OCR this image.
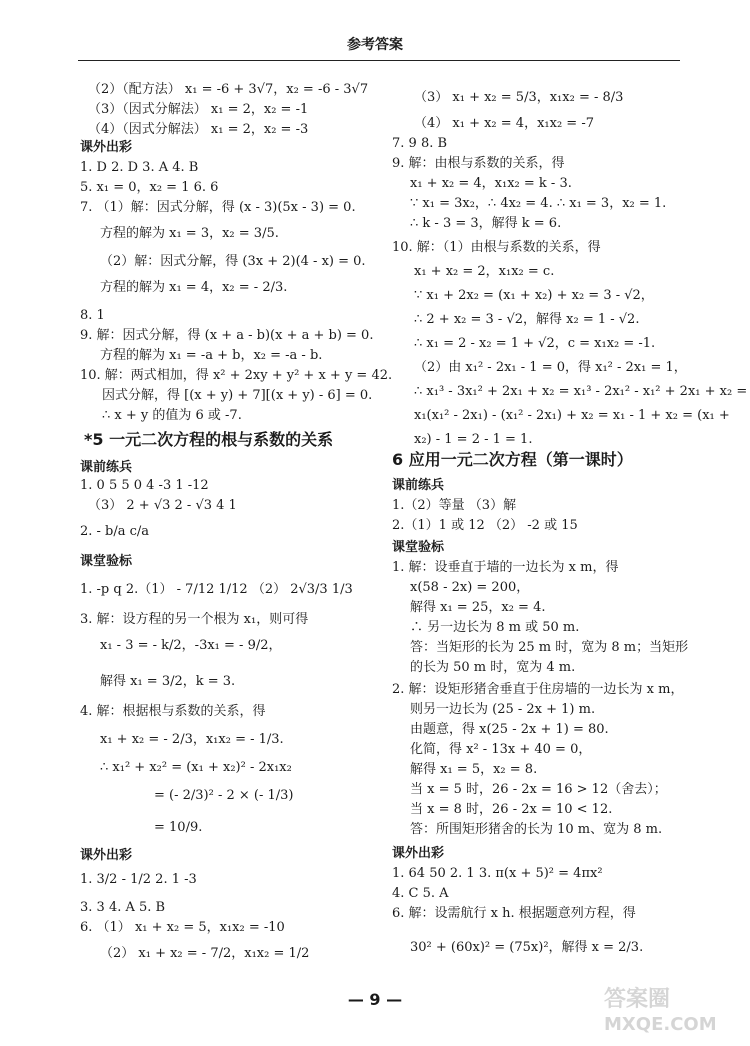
参考答案
（2）（配方法） x₁ = -6 + 3√7，x₂ = -6 - 3√7
（3）（因式分解法） x₁ = 2，x₂ = -1
（4）（因式分解法） x₁ = 2，x₂ = -3
课外出彩
1. D 2. D 3. A 4. B
5. x₁ = 0，x₂ = 1 6. 6
7. （1）解：因式分解，得 (x - 3)(5x - 3) = 0.
方程的解为 x₁ = 3，x₂ = 3/5.
（2）解：因式分解，得 (3x + 2)(4 - x) = 0.
方程的解为 x₁ = 4，x₂ = - 2/3.
8. 1
9. 解：因式分解，得 (x + a - b)(x + a + b) = 0.
方程的解为 x₁ = -a + b，x₂ = -a - b.
10. 解：两式相加，得 x² + 2xy + y² + x + y = 42.
因式分解，得 [(x + y) + 7][(x + y) - 6] = 0.
∴ x + y 的值为 6 或 -7.
*5 一元二次方程的根与系数的关系
课前练兵
1. 0 5 5 0 4 -3 1 -12
（3） 2 + √3 2 - √3 4 1
2. - b/a c/a
课堂验标
1. -p q 2.（1） - 7/12 1/12 （2） 2√3/3 1/3
3. 解：设方程的另一个根为 x₁，则可得
x₁ - 3 = - k/2，-3x₁ = - 9/2，
解得 x₁ = 3/2，k = 3.
4. 解：根据根与系数的关系，得
x₁ + x₂ = - 2/3，x₁x₂ = - 1/3.
∴ x₁² + x₂² = (x₁ + x₂)² - 2x₁x₂
= (- 2/3)² - 2 × (- 1/3)
= 10/9.
课外出彩
1. 3/2 - 1/2 2. 1 -3
3. 3 4. A 5. B
6. （1） x₁ + x₂ = 5，x₁x₂ = -10
（2） x₁ + x₂ = - 7/2，x₁x₂ = 1/2
（3） x₁ + x₂ = 5/3，x₁x₂ = - 8/3
（4） x₁ + x₂ = 4，x₁x₂ = -7
7. 9 8. B
9. 解：由根与系数的关系，得
x₁ + x₂ = 4，x₁x₂ = k - 3.
∵ x₁ = 3x₂，∴ 4x₂ = 4. ∴ x₁ = 3，x₂ = 1.
∴ k - 3 = 3，解得 k = 6.
10. 解：（1）由根与系数的关系，得
x₁ + x₂ = 2，x₁x₂ = c.
∵ x₁ + 2x₂ = (x₁ + x₂) + x₂ = 3 - √2，
∴ 2 + x₂ = 3 - √2，解得 x₂ = 1 - √2.
∴ x₁ = 2 - x₂ = 1 + √2，c = x₁x₂ = -1.
（2）由 x₁² - 2x₁ - 1 = 0，得 x₁² - 2x₁ = 1，
∴ x₁³ - 3x₁² + 2x₁ + x₂ = x₁³ - 2x₁² - x₁² + 2x₁ + x₂ =
x₁(x₁² - 2x₁) - (x₁² - 2x₁) + x₂ = x₁ - 1 + x₂ = (x₁ +
x₂) - 1 = 2 - 1 = 1.
6 应用一元二次方程（第一课时）
课前练兵
1.（2）等量 （3）解
2.（1）1 或 12 （2） -2 或 15
课堂验标
1. 解：设垂直于墙的一边长为 x m，得
x(58 - 2x) = 200，
解得 x₁ = 25，x₂ = 4.
∴ 另一边长为 8 m 或 50 m.
答：当矩形的长为 25 m 时，宽为 8 m；当矩形
的长为 50 m 时，宽为 4 m.
2. 解：设矩形猪舍垂直于住房墙的一边长为 x m，
则另一边长为 (25 - 2x + 1) m.
由题意，得 x(25 - 2x + 1) = 80.
化简，得 x² - 13x + 40 = 0，
解得 x₁ = 5，x₂ = 8.
当 x = 5 时，26 - 2x = 16 > 12（舍去）；
当 x = 8 时，26 - 2x = 10 < 12.
答：所围矩形猪舍的长为 10 m、宽为 8 m.
课外出彩
1. 64 50 2. 1 3. π(x + 5)² = 4πx²
4. C 5. A
6. 解：设需航行 x h. 根据题意列方程，得
30² + (60x)² = (75x)²，解得 x = 2/3.
— 9 —	答案圈
MXQE.COM
